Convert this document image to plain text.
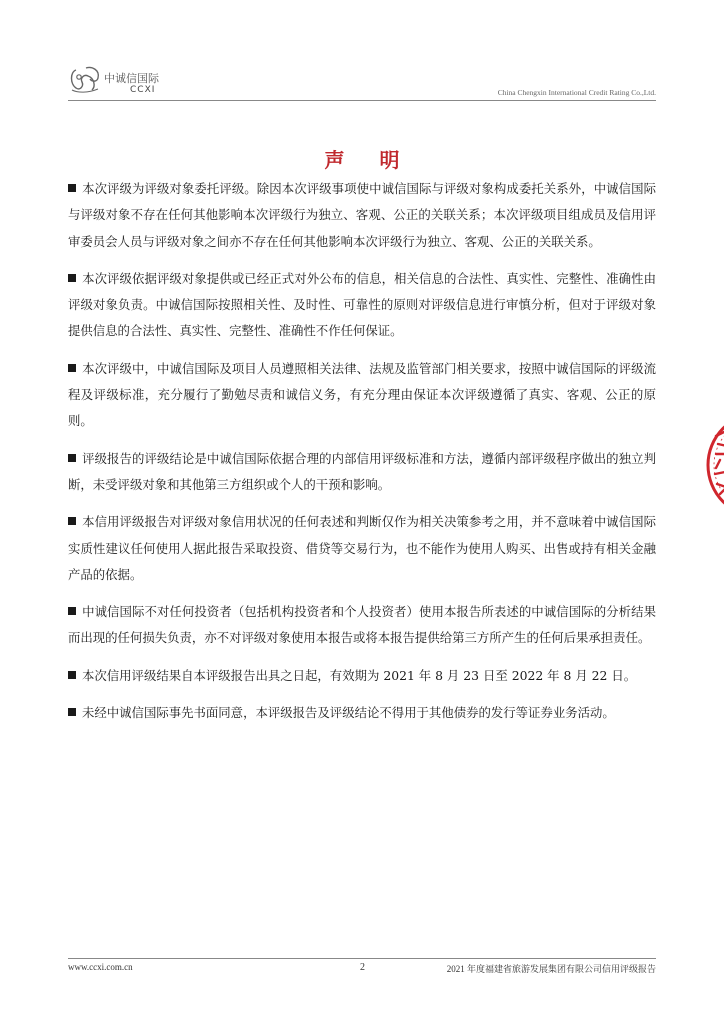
中诚信国际
CCXI	China Chengxin International Credit Rating Co.,Ltd.
声 明

本次评级为评级对象委托评级。除因本次评级事项使中诚信国际与评级对象构成委托关系外，中诚信国际与评级对象不存在任何其他影响本次评级行为独立、客观、公正的关联关系；本次评级项目组成员及信用评审委员会人员与评级对象之间亦不存在任何其他影响本次评级行为独立、客观、公正的关联关系。

本次评级依据评级对象提供或已经正式对外公布的信息，相关信息的合法性、真实性、完整性、准确性由评级对象负责。中诚信国际按照相关性、及时性、可靠性的原则对评级信息进行审慎分析，但对于评级对象提供信息的合法性、真实性、完整性、准确性不作任何保证。

本次评级中，中诚信国际及项目人员遵照相关法律、法规及监管部门相关要求，按照中诚信国际的评级流程及评级标准，充分履行了勤勉尽责和诚信义务，有充分理由保证本次评级遵循了真实、客观、公正的原则。

评级报告的评级结论是中诚信国际依据合理的内部信用评级标准和方法，遵循内部评级程序做出的独立判断，未受评级对象和其他第三方组织或个人的干预和影响。

本信用评级报告对评级对象信用状况的任何表述和判断仅作为相关决策参考之用，并不意味着中诚信国际实质性建议任何使用人据此报告采取投资、借贷等交易行为，也不能作为使用人购买、出售或持有相关金融产品的依据。

中诚信国际不对任何投资者（包括机构投资者和个人投资者）使用本报告所表述的中诚信国际的分析结果而出现的任何损失负责，亦不对评级对象使用本报告或将本报告提供给第三方所产生的任何后果承担责任。

本次信用评级结果自本评级报告出具之日起，有效期为 2021 年 8 月 23 日至 2022 年 8 月 22 日。

未经中诚信国际事先书面同意，本评级报告及评级结论不得用于其他债券的发行等证券业务活动。

www.ccxi.com.cn	2	2021 年度福建省旅游发展集团有限公司信用评级报告
